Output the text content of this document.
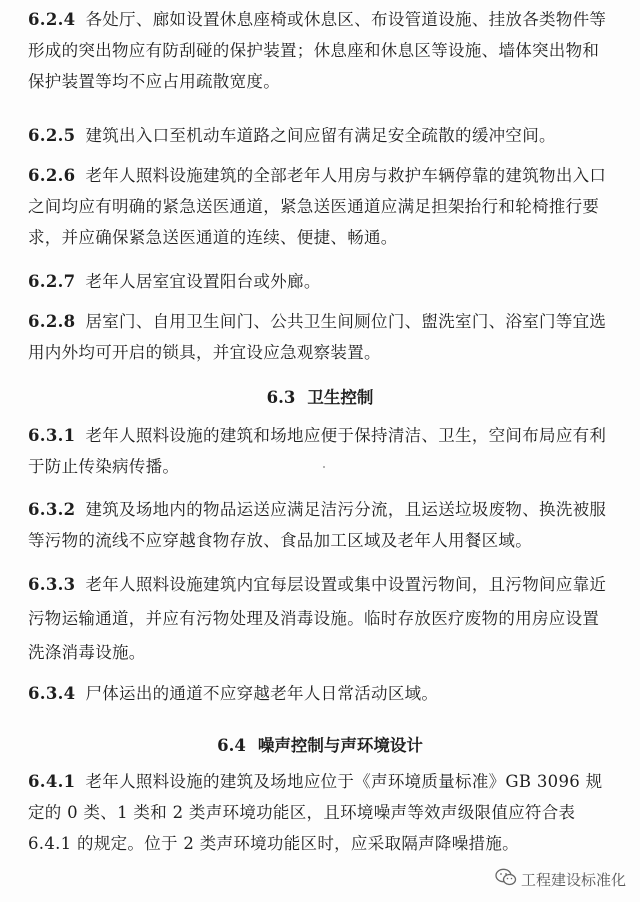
6.2.4 各处厅、廊如设置休息座椅或休息区、布设管道设施、挂放各类物件等形成的突出物应有防刮碰的保护装置；休息座和休息区等设施、墙体突出物和保护装置等均不应占用疏散宽度。
6.2.5 建筑出入口至机动车道路之间应留有满足安全疏散的缓冲空间。
6.2.6 老年人照料设施建筑的全部老年人用房与救护车辆停靠的建筑物出入口之间均应有明确的紧急送医通道，紧急送医通道应满足担架抬行和轮椅推行要求，并应确保紧急送医通道的连续、便捷、畅通。
6.2.7 老年人居室宜设置阳台或外廊。
6.2.8 居室门、自用卫生间门、公共卫生间厕位门、盥洗室门、浴室门等宜选用内外均可开启的锁具，并宜设应急观察装置。
6.3 卫生控制
6.3.1 老年人照料设施的建筑和场地应便于保持清洁、卫生，空间布局应有利于防止传染病传播。
6.3.2 建筑及场地内的物品运送应满足洁污分流，且运送垃圾废物、换洗被服等污物的流线不应穿越食物存放、食品加工区域及老年人用餐区域。
6.3.3 老年人照料设施建筑内宜每层设置或集中设置污物间，且污物间应靠近污物运输通道，并应有污物处理及消毒设施。临时存放医疗废物的用房应设置洗涤消毒设施。
6.3.4 尸体运出的通道不应穿越老年人日常活动区域。
6.4 噪声控制与声环境设计
6.4.1 老年人照料设施的建筑及场地应位于《声环境质量标准》GB 3096 规定的 0 类、1 类和 2 类声环境功能区，且环境噪声等效声级限值应符合表 6.4.1 的规定。位于 2 类声环境功能区时，应采取隔声降噪措施。
工程建设标准化
